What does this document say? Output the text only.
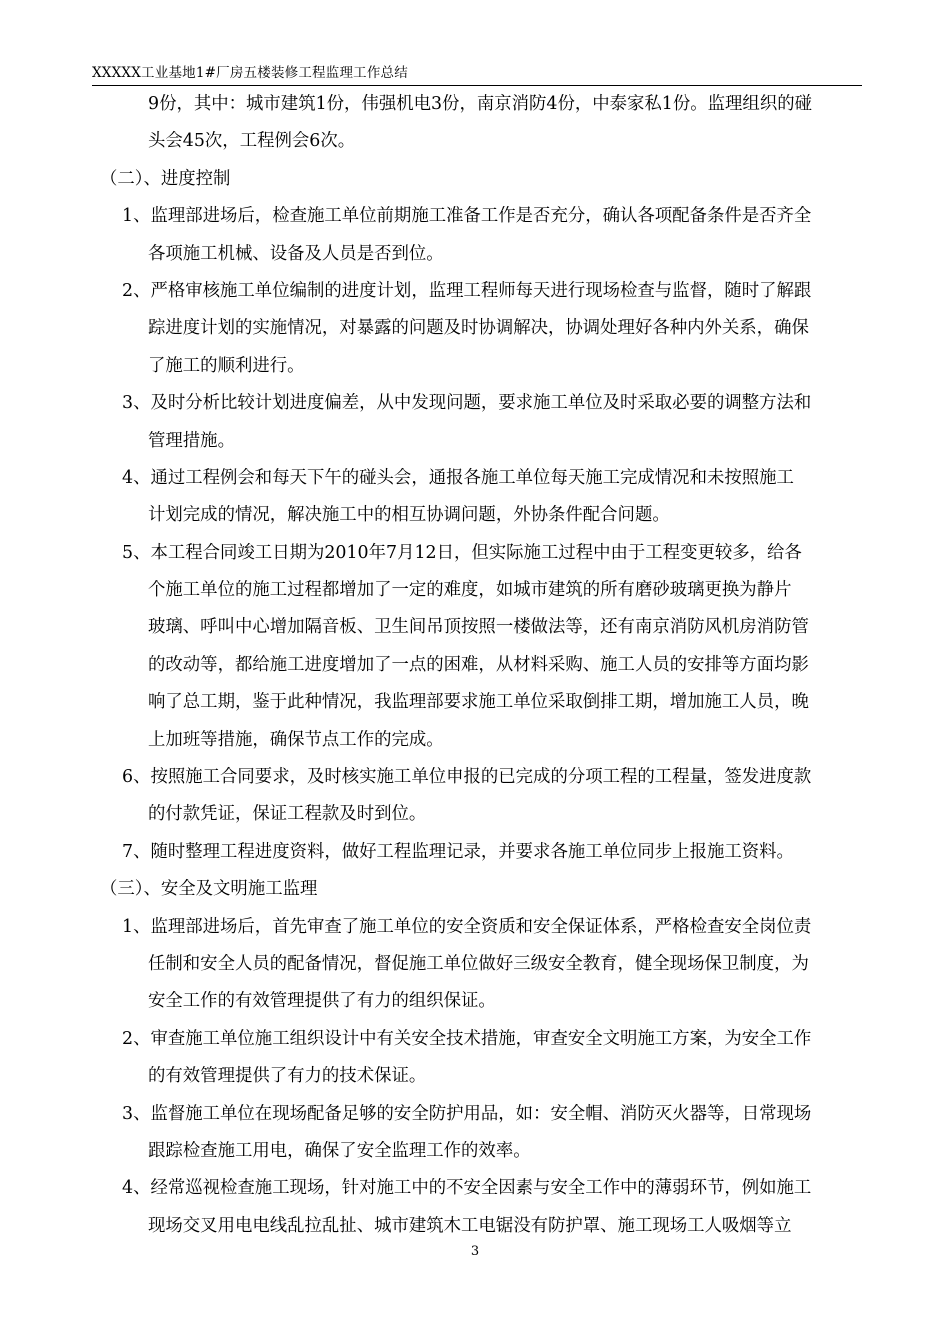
XXXXX工业基地1#厂房五楼装修工程监理工作总结
9份，其中：城市建筑1份，伟强机电3份，南京消防4份，中泰家私1份。监理组织的碰
头会45次，工程例会6次。
（二）、进度控制
1、监理部进场后，检查施工单位前期施工准备工作是否充分，确认各项配备条件是否齐全
各项施工机械、设备及人员是否到位。
2、严格审核施工单位编制的进度计划，监理工程师每天进行现场检查与监督，随时了解跟
踪进度计划的实施情况，对暴露的问题及时协调解决，协调处理好各种内外关系，确保
了施工的顺利进行。
3、及时分析比较计划进度偏差，从中发现问题，要求施工单位及时采取必要的调整方法和
管理措施。
4、通过工程例会和每天下午的碰头会，通报各施工单位每天施工完成情况和未按照施工
计划完成的情况，解决施工中的相互协调问题，外协条件配合问题。
5、本工程合同竣工日期为2010年7月12日，但实际施工过程中由于工程变更较多，给各
个施工单位的施工过程都增加了一定的难度，如城市建筑的所有磨砂玻璃更换为静片
玻璃、呼叫中心增加隔音板、卫生间吊顶按照一楼做法等，还有南京消防风机房消防管
的改动等，都给施工进度增加了一点的困难，从材料采购、施工人员的安排等方面均影
响了总工期，鉴于此种情况，我监理部要求施工单位采取倒排工期，增加施工人员，晚
上加班等措施，确保节点工作的完成。
6、按照施工合同要求，及时核实施工单位申报的已完成的分项工程的工程量，签发进度款
的付款凭证，保证工程款及时到位。
7、随时整理工程进度资料，做好工程监理记录，并要求各施工单位同步上报施工资料。
（三）、安全及文明施工监理
1、监理部进场后，首先审查了施工单位的安全资质和安全保证体系，严格检查安全岗位责
任制和安全人员的配备情况，督促施工单位做好三级安全教育，健全现场保卫制度，为
安全工作的有效管理提供了有力的组织保证。
2、审查施工单位施工组织设计中有关安全技术措施，审查安全文明施工方案，为安全工作
的有效管理提供了有力的技术保证。
3、监督施工单位在现场配备足够的安全防护用品，如：安全帽、消防灭火器等，日常现场
跟踪检查施工用电，确保了安全监理工作的效率。
4、经常巡视检查施工现场，针对施工中的不安全因素与安全工作中的薄弱环节，例如施工
现场交叉用电电线乱拉乱扯、城市建筑木工电锯没有防护罩、施工现场工人吸烟等立
3
